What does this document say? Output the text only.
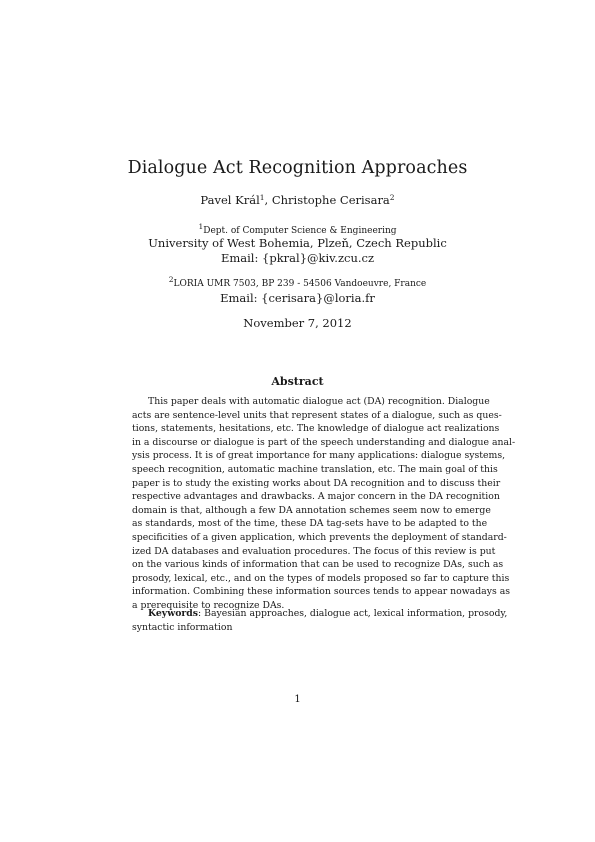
Dialogue Act Recognition Approaches
Pavel Král$^1$, Christophe Cerisara$^2$
$^1$Dept. of Computer Science & Engineering
University of West Bohemia, Plzeň, Czech Republic
Email: {pkral}@kiv.zcu.cz
$^2$LORIA UMR 7503, BP 239 - 54506 Vandoeuvre, France
Email: {cerisara}@loria.fr
November 7, 2012
Abstract
This paper deals with automatic dialogue act (DA) recognition. Dialogue
acts are sentence-level units that represent states of a dialogue, such as ques-
tions, statements, hesitations, etc. The knowledge of dialogue act realizations
in a discourse or dialogue is part of the speech understanding and dialogue anal-
ysis process. It is of great importance for many applications: dialogue systems,
speech recognition, automatic machine translation, etc. The main goal of this
paper is to study the existing works about DA recognition and to discuss their
respective advantages and drawbacks. A major concern in the DA recognition
domain is that, although a few DA annotation schemes seem now to emerge
as standards, most of the time, these DA tag-sets have to be adapted to the
specificities of a given application, which prevents the deployment of standard-
ized DA databases and evaluation procedures. The focus of this review is put
on the various kinds of information that can be used to recognize DAs, such as
prosody, lexical, etc., and on the types of models proposed so far to capture this
information. Combining these information sources tends to appear nowadays as
a prerequisite to recognize DAs.
Keywords: Bayesian approaches, dialogue act, lexical information, prosody,
syntactic information
1
